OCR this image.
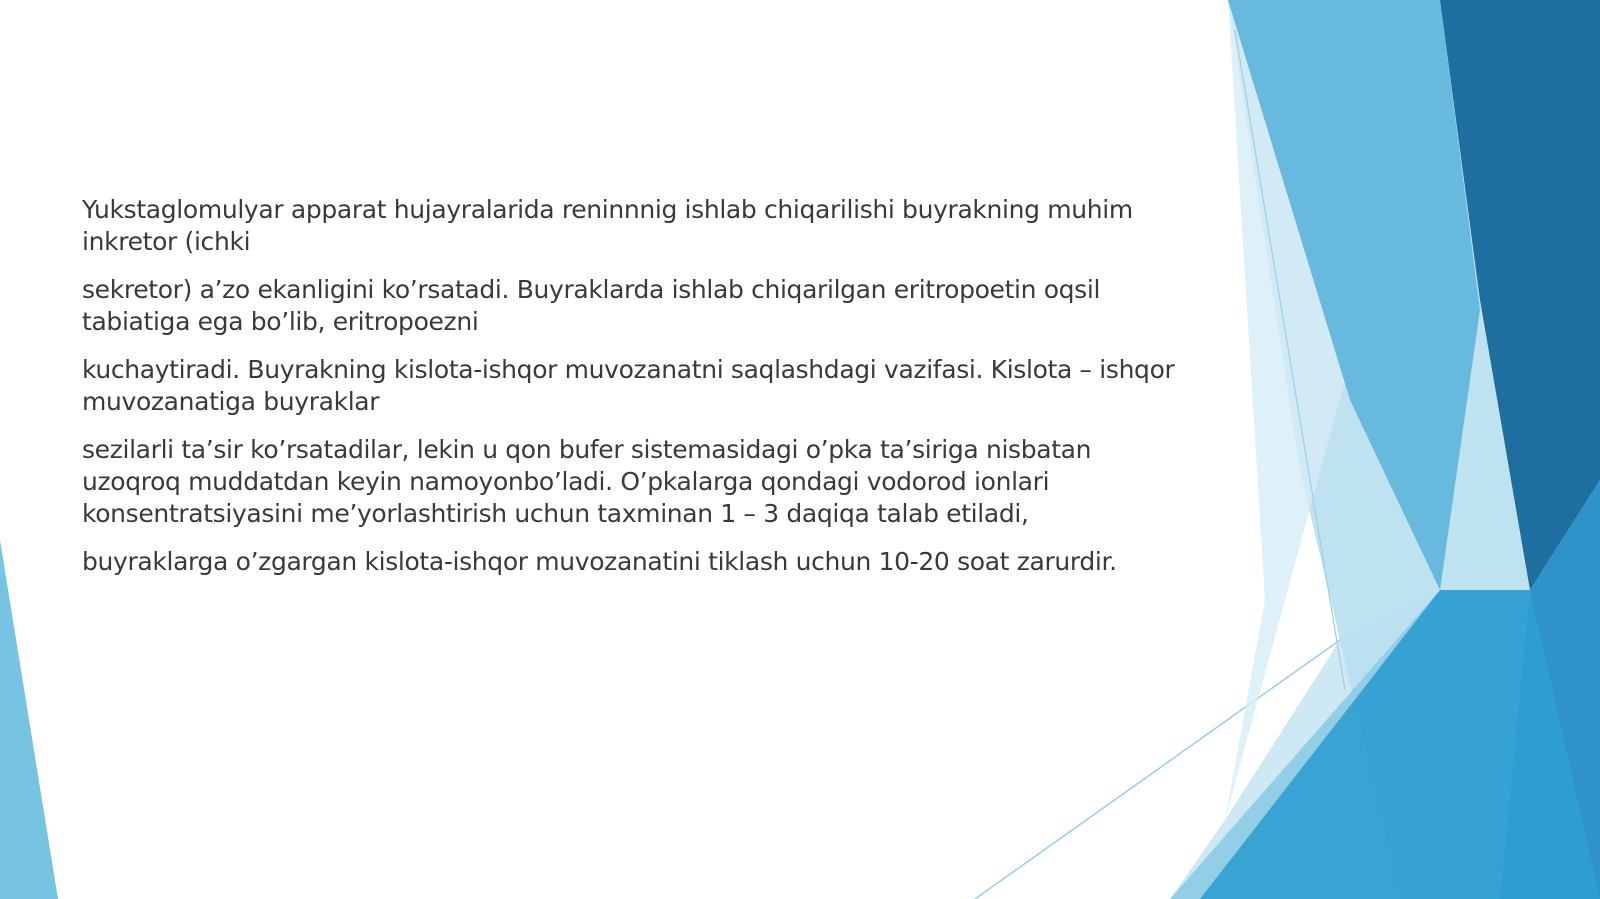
Yukstaglomulyar apparat hujayralarida reninnnig ishlab chiqarilishi buyrakning muhim inkretor (ichki

sekretor) a’zo ekanligini ko’rsatadi. Buyraklarda ishlab chiqarilgan eritropoetin oqsil tabiatiga ega bo’lib, eritropoezni

kuchaytiradi. Buyrakning kislota-ishqor muvozanatni saqlashdagi vazifasi. Kislota – ishqor muvozanatiga buyraklar

sezilarli ta’sir ko’rsatadilar, lekin u qon bufer sistemasidagi o’pka ta’siriga nisbatan uzoqroq muddatdan keyin namoyonbo’ladi. O’pkalarga qondagi vodorod ionlari konsentratsiyasini me’yorlashtirish uchun taxminan 1 – 3 daqiqa talab etiladi,

buyraklarga o’zgargan kislota-ishqor muvozanatini tiklash uchun 10-20 soat zarurdir.
